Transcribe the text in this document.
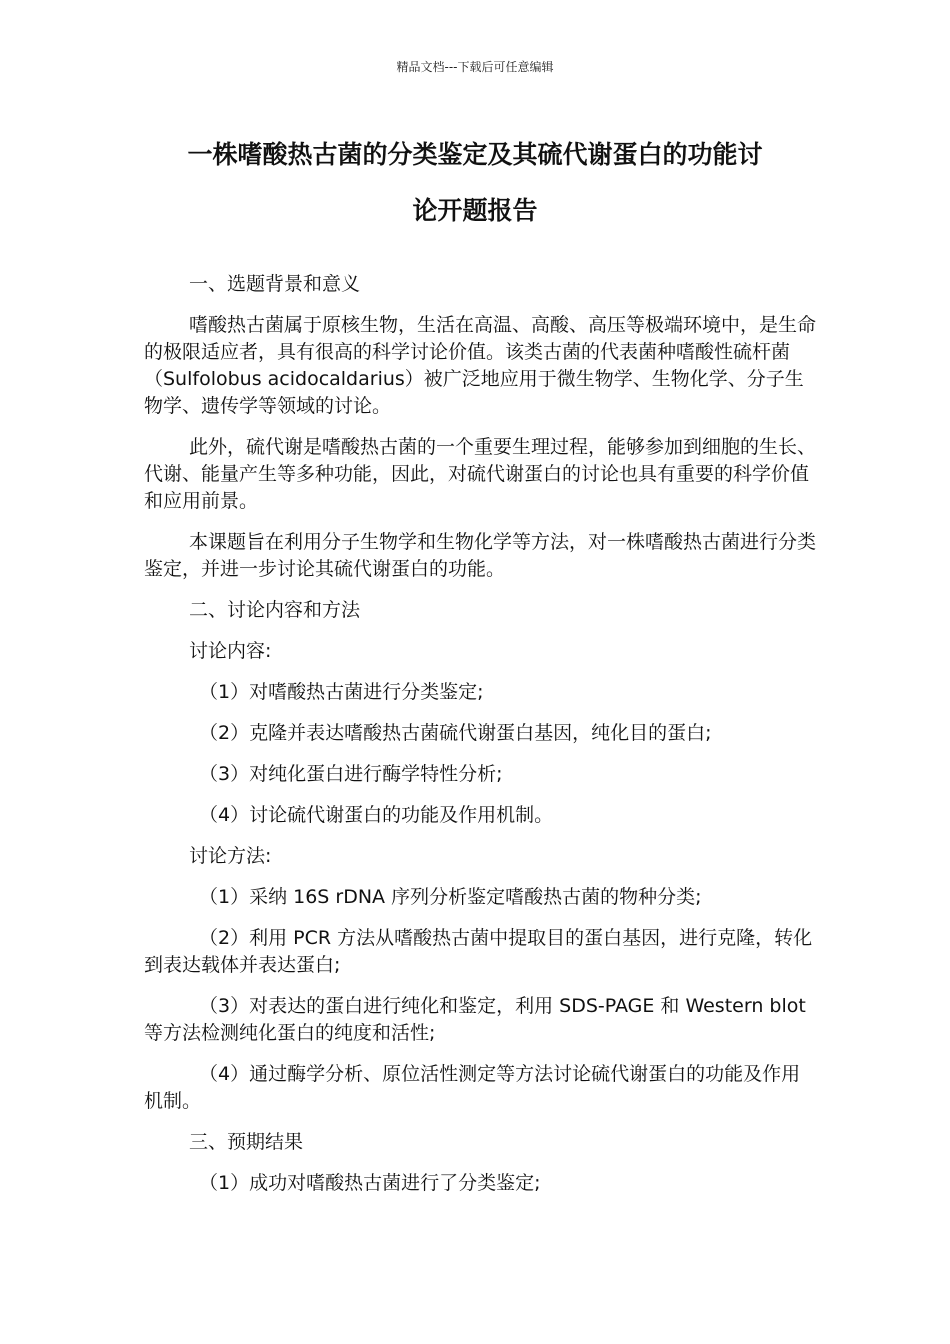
精品文档---下载后可任意编辑
一株嗜酸热古菌的分类鉴定及其硫代谢蛋白的功能讨
论开题报告

一、选题背景和意义

嗜酸热古菌属于原核生物，生活在高温、高酸、高压等极端环境中，是生命的极限适应者，具有很高的科学讨论价值。该类古菌的代表菌种嗜酸性硫杆菌（Sulfolobus acidocaldarius）被广泛地应用于微生物学、生物化学、分子生物学、遗传学等领域的讨论。

此外，硫代谢是嗜酸热古菌的一个重要生理过程，能够参加到细胞的生长、代谢、能量产生等多种功能，因此，对硫代谢蛋白的讨论也具有重要的科学价值和应用前景。

本课题旨在利用分子生物学和生物化学等方法，对一株嗜酸热古菌进行分类鉴定，并进一步讨论其硫代谢蛋白的功能。

二、讨论内容和方法

讨论内容:

（1）对嗜酸热古菌进行分类鉴定;

（2）克隆并表达嗜酸热古菌硫代谢蛋白基因，纯化目的蛋白;

（3）对纯化蛋白进行酶学特性分析;

（4）讨论硫代谢蛋白的功能及作用机制。

讨论方法:

（1）采纳 16S rDNA 序列分析鉴定嗜酸热古菌的物种分类;

（2）利用 PCR 方法从嗜酸热古菌中提取目的蛋白基因，进行克隆，转化到表达载体并表达蛋白;

（3）对表达的蛋白进行纯化和鉴定，利用 SDS-PAGE 和 Western blot 等方法检测纯化蛋白的纯度和活性;

（4）通过酶学分析、原位活性测定等方法讨论硫代谢蛋白的功能及作用机制。

三、预期结果

（1）成功对嗜酸热古菌进行了分类鉴定;
